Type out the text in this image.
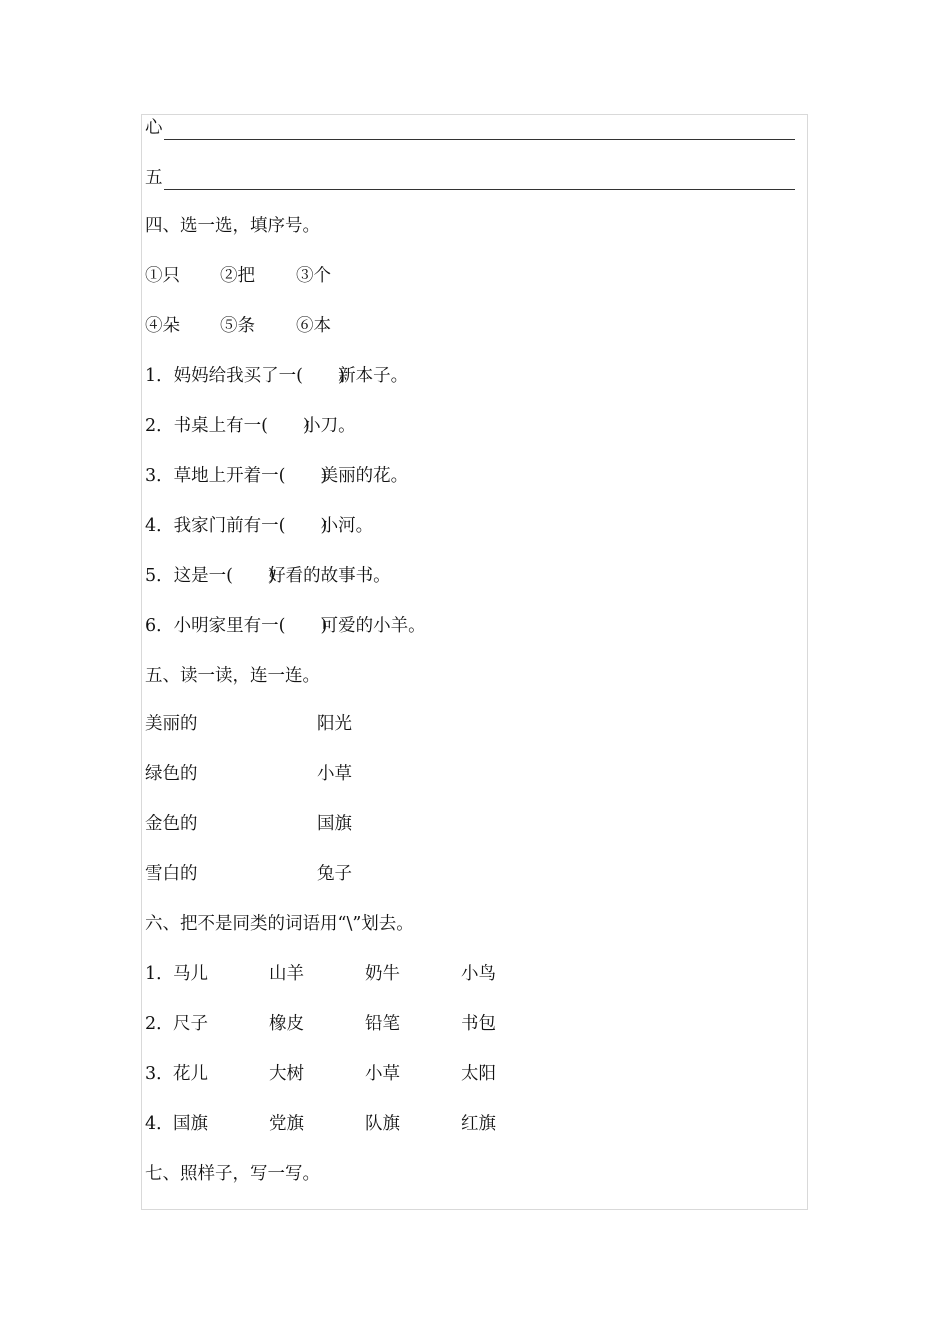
心
五
四、选一选，填序号。
①只 ②把 ③个
④朵 ⑤条 ⑥本
1．妈妈给我买了一(  )新本子。
2．书桌上有一(  )小刀。
3．草地上开着一(  )美丽的花。
4．我家门前有一(  )小河。
5．这是一(  )好看的故事书。
6．小明家里有一(  )可爱的小羊。
五、读一读，连一连。
美丽的	阳光
绿色的	小草
金色的	国旗
雪白的	兔子
六、把不是同类的词语用“\”划去。
1． 马儿	山羊	奶牛	小鸟
2． 尺子	橡皮	铅笔	书包
3． 花儿	大树	小草	太阳
4． 国旗	党旗	队旗	红旗
七、照样子，写一写。
